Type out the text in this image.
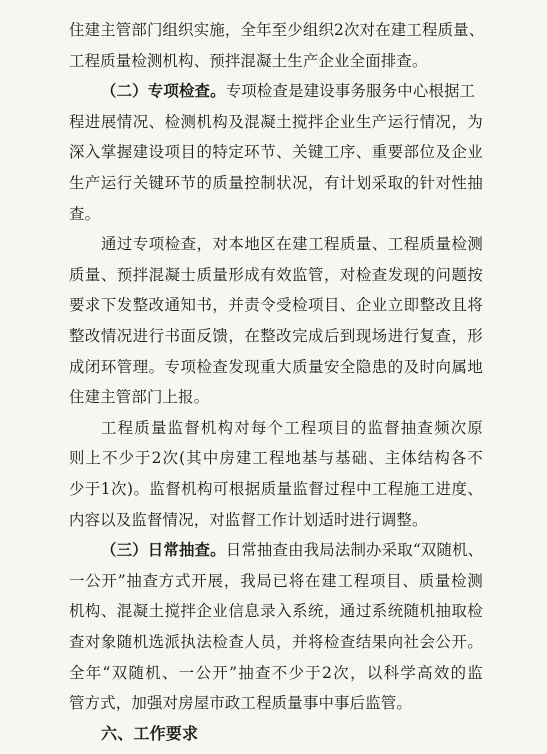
住建主管部门组织实施，全年至少组织2次对在建工程质量、
工程质量检测机构、预拌混凝土生产企业全面排查。
（二）专项检查。专项检查是建设事务服务中心根据工
程进展情况、检测机构及混凝土搅拌企业生产运行情况，为
深入掌握建设项目的特定环节、关键工序、重要部位及企业
生产运行关键环节的质量控制状况，有计划采取的针对性抽
查。
通过专项检查，对本地区在建工程质量、工程质量检测
质量、预拌混凝士质量形成有效监管，对检查发现的问题按
要求下发整改通知书，并责令受检项目、企业立即整改且将
整改情况进行书面反馈，在整改完成后到现场进行复查，形
成闭环管理。专项检查发现重大质量安全隐患的及时向属地
住建主管部门上报。
工程质量监督机构对每个工程项目的监督抽查频次原
则上不少于2次(其中房建工程地基与基础、主体结构各不
少于1次)。监督机构可根据质量监督过程中工程施工进度、
内容以及监督情况，对监督工作计划适时进行调整。
（三）日常抽查。日常抽查由我局法制办采取“双随机、
一公开”抽查方式开展，我局已将在建工程项目、质量检测
机构、混凝土搅拌企业信息录入系统，通过系统随机抽取检
查对象随机选派执法检查人员，并将检查结果向社会公开。
全年“双随机、一公开”抽查不少于2次，以科学高效的监
管方式，加强对房屋市政工程质量事中事后监管。
六、工作要求
